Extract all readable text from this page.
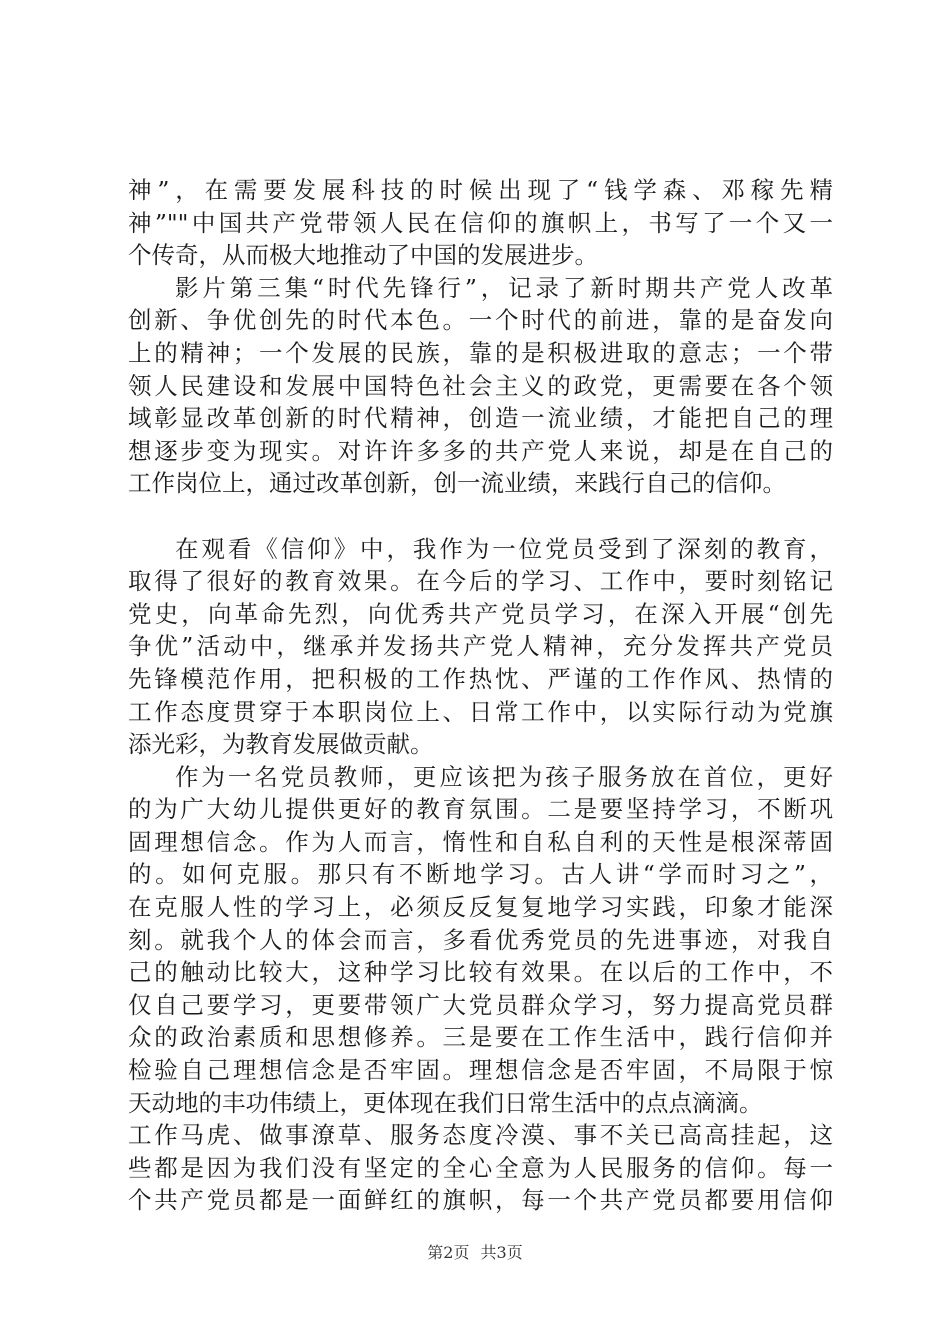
神”，在需要发展科技的时候出现了“钱学森、邓稼先精
神”""中国共产党带领人民在信仰的旗帜上，书写了一个又一
个传奇，从而极大地推动了中国的发展进步。
影片第三集“时代先锋行”，记录了新时期共产党人改革
创新、争优创先的时代本色。一个时代的前进，靠的是奋发向
上的精神；一个发展的民族，靠的是积极进取的意志；一个带
领人民建设和发展中国特色社会主义的政党，更需要在各个领
域彰显改革创新的时代精神，创造一流业绩，才能把自己的理
想逐步变为现实。对许许多多的共产党人来说，却是在自己的
工作岗位上，通过改革创新，创一流业绩，来践行自己的信仰。
在观看《信仰》中，我作为一位党员受到了深刻的教育，
取得了很好的教育效果。在今后的学习、工作中，要时刻铭记
党史，向革命先烈，向优秀共产党员学习，在深入开展“创先
争优”活动中，继承并发扬共产党人精神，充分发挥共产党员
先锋模范作用，把积极的工作热忱、严谨的工作作风、热情的
工作态度贯穿于本职岗位上、日常工作中，以实际行动为党旗
添光彩，为教育发展做贡献。
作为一名党员教师，更应该把为孩子服务放在首位，更好
的为广大幼儿提供更好的教育氛围。二是要坚持学习，不断巩
固理想信念。作为人而言，惰性和自私自利的天性是根深蒂固
的。如何克服。那只有不断地学习。古人讲“学而时习之”，
在克服人性的学习上，必须反反复复地学习实践，印象才能深
刻。就我个人的体会而言，多看优秀党员的先进事迹，对我自
己的触动比较大，这种学习比较有效果。在以后的工作中，不
仅自己要学习，更要带领广大党员群众学习，努力提高党员群
众的政治素质和思想修养。三是要在工作生活中，践行信仰并
检验自己理想信念是否牢固。理想信念是否牢固，不局限于惊
天动地的丰功伟绩上，更体现在我们日常生活中的点点滴滴。
工作马虎、做事潦草、服务态度冷漠、事不关已高高挂起，这
些都是因为我们没有坚定的全心全意为人民服务的信仰。每一
个共产党员都是一面鲜红的旗帜，每一个共产党员都要用信仰
第2页 共3页
